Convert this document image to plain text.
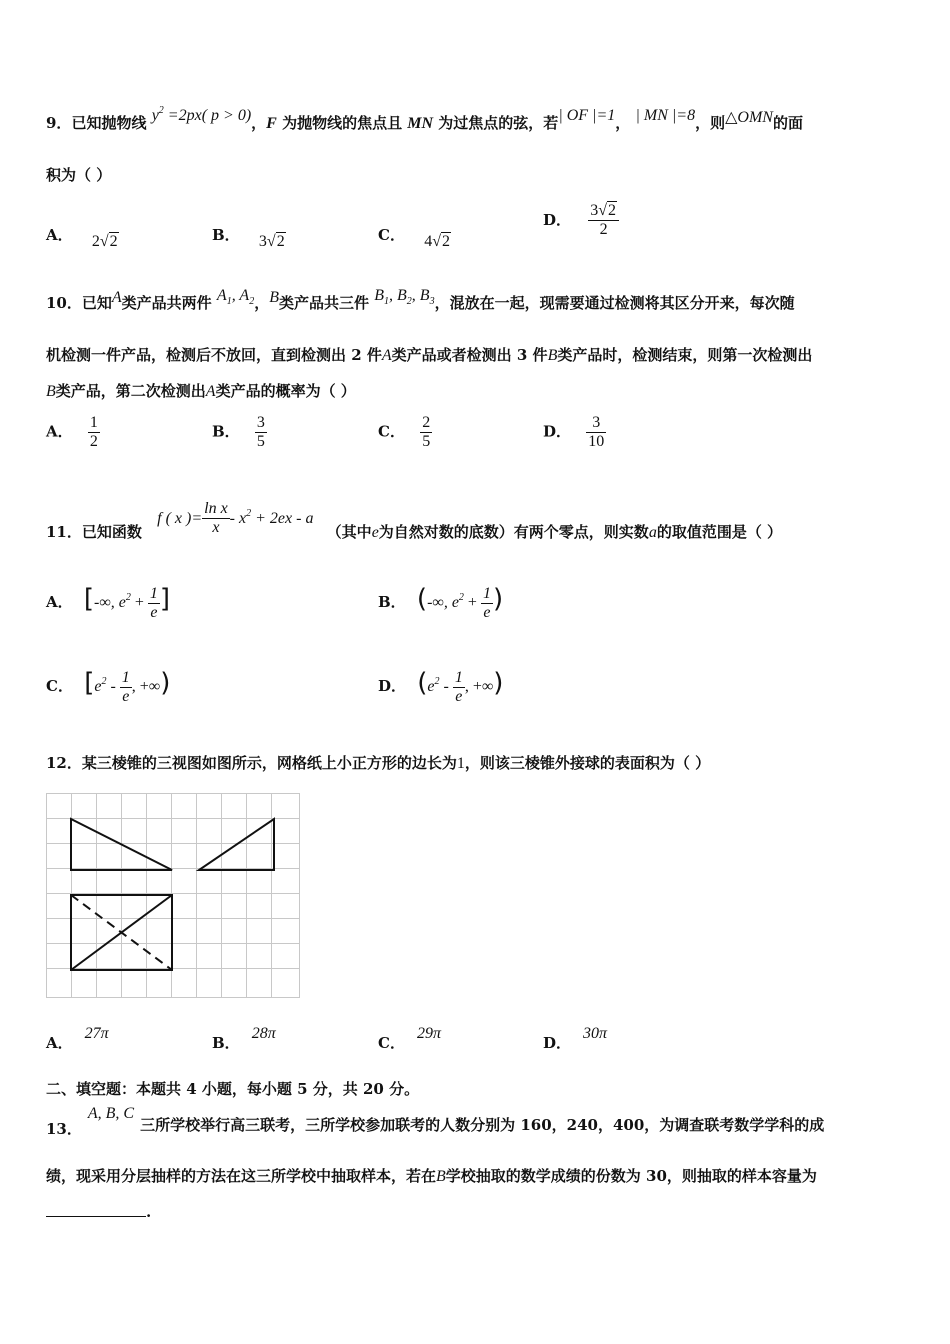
9．已知抛物线 $y^2 =2px$( p > 0)，F 为抛物线的焦点且 MN 为过焦点的弦，若| OF |=1， | MN |=8，则△OMN的面
积为（ ）
A． 2√2	B． 3√2	C． 4√2
D． $\frac{3√2}{2}$
10．已知A类产品共两件 $A_1$, $A_2$，B类产品共三件 $B_1$, $B_2$, $B_3$，混放在一起，现需要通过检测将其区分开来，每次随
机检测一件产品，检测后不放回，直到检测出 2 件A类产品或者检测出 3 件B类产品时，检测结束，则第一次检测出
B类产品，第二次检测出A类产品的概率为（ ）
A． $\frac{1}{2}$	B． $\frac{3}{5}$	C． $\frac{2}{5}$	D． $\frac{3}{10}$
11．已知函数 f ( x )= $\frac{\text{ln x}}{x} - x^2 + 2ex - a$ （其中e为自然对数的底数）有两个零点，则实数a的取值范围是（ ）
A． [-∞, $e^2 + \frac{1}{e}$ ]	B． (-∞, $e^2 + \frac{1}{e}$ )
C． [$e^2 - \frac{1}{e}$ , +∞)	D． ($e^2 - \frac{1}{e}$ , +∞)
12．某三棱锥的三视图如图所示，网格纸上小正方形的边长为1，则该三棱锥外接球的表面积为（ ）
A．27π
B．28π
C．29π
D．30π
二、填空题：本题共 4 小题，每小题 5 分，共 20 分。
13．A, B, C三所学校举行高三联考，三所学校参加联考的人数分别为 160，240，400，为调查联考数学学科的成
绩，现采用分层抽样的方法在这三所学校中抽取样本，若在B学校抽取的数学成绩的份数为 30，则抽取的样本容量为
.
